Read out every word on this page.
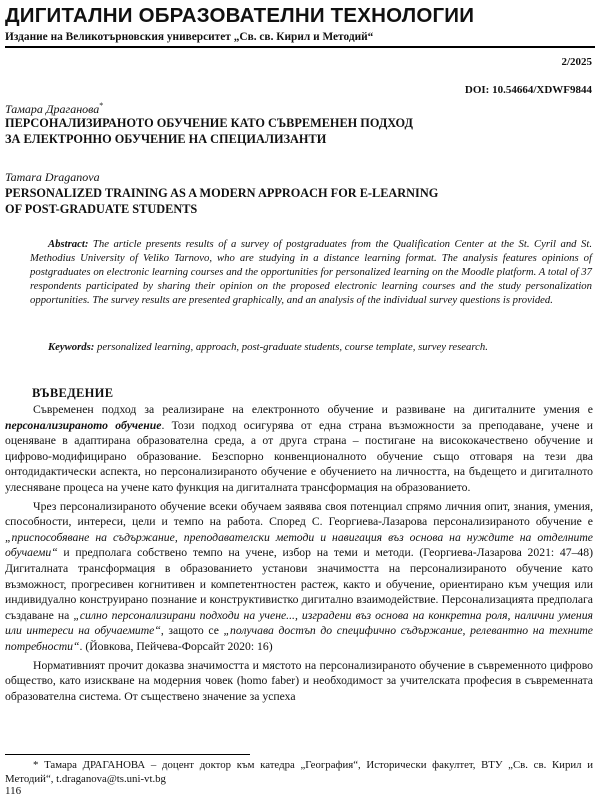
ДИГИТАЛНИ ОБРАЗОВАТЕЛНИ ТЕХНОЛОГИИ
Издание на Великотърновския университет „Св. св. Кирил и Методий“
2/2025
DOI: 10.54664/XDWF9844
Тамара Драганова*
ПЕРСОНАЛИЗИРАНОТО ОБУЧЕНИЕ КАТО СЪВРЕМЕНЕН ПОДХОД
ЗА ЕЛЕКТРОННО ОБУЧЕНИЕ НА СПЕЦИАЛИЗАНТИ
Tamara Draganova
PERSONALIZED TRAINING AS A MODERN APPROACH FOR E-LEARNING
OF POST-GRADUATE STUDENTS
Abstract: The article presents results of a survey of postgraduates from the Qualification Center at the St. Cyril and St. Methodius University of Veliko Tarnovo, who are studying in a distance learning format. The analysis features opinions of postgraduates on electronic learning courses and the opportunities for personalized learning on the Moodle platform. A total of 37 respondents participated by sharing their opinion on the proposed electronic learning courses and the study personalization opportunities. The survey results are presented graphically, and an analysis of the individual survey questions is provided.
Keywords: personalized learning, approach, post-graduate students, course template, survey research.
ВЪВЕДЕНИЕ

Съвременен подход за реализиране на електронното обучение и развиване на дигиталните умения е персонализираното обучение. Този подход осигурява от една страна възможности за преподаване, учене и оценяване в адаптирана образователна среда, а от друга страна – постигане на висококачествено обучение и цифрово-модифицирано образование. Безспорно конвенционалното обучение също отговаря на тези два онтодидактически аспекта, но персонализираното обучение е обучението на личността, на бъдещето и дигиталното улесняване процеса на учене като функция на дигиталната трансформация на образованието.

Чрез персонализираното обучение всеки обучаем заявява своя потенциал спрямо личния опит, знания, умения, способности, интереси, цели и темпо на работа. Според С. Георгиева-Лазарова персонализираното обучение е „приспособяване на съдържание, преподавателски методи и навигация въз основа на нуждите на отделните обучаеми“ и предполага собствено темпо на учене, избор на теми и методи. (Георгиева-Лазарова 2021: 47–48) Дигиталната трансформация в образованието установи значимостта на персонализираното обучение като възможност, прогресивен когнитивен и компетентностен растеж, както и обучение, ориентирано към учещия или индивидуално конструирано познание и конструктивистко дигитално взаимодействие. Персонализацията предполага създаване на „силно персонализирани подходи на учене..., изградени въз основа на конкретна роля, налични умения или интереси на обучаемите“, защото се „получава достъп до специфично съдържание, релевантно на техните потребности“. (Йовкова, Пейчева-Форсайт 2020: 16)

Нормативният прочит доказва значимостта и мястото на персонализираното обучение в съвременното цифрово общество, като изискване на модерния човек (homo faber) и необходимост за учителската професия в съвременната образователна система. От съществено значение за успеха

* Тамара ДРАГАНОВА – доцент доктор към катедра „География“, Исторически факултет, ВТУ „Св. св. Кирил и Методий“, t.draganova@ts.uni-vt.bg
116
